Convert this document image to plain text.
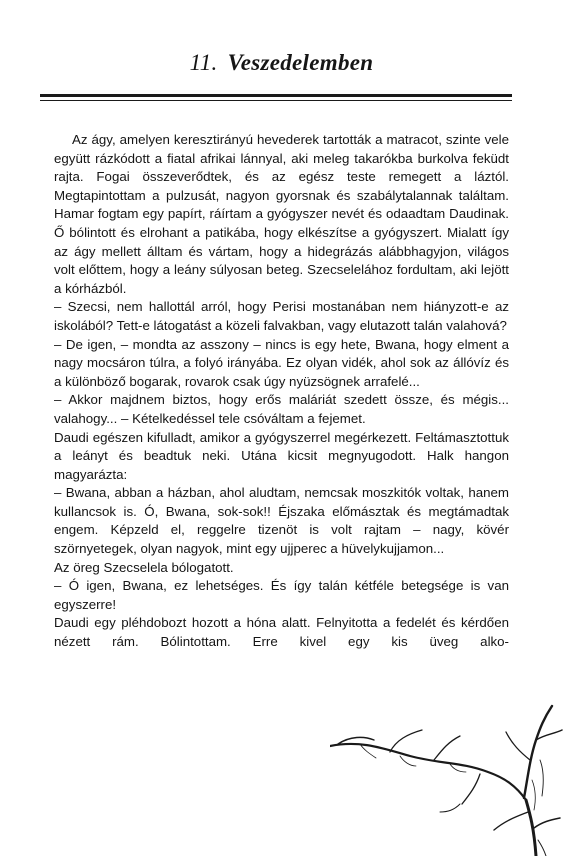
11. Veszedelemben

Az ágy, amelyen keresztirányú hevederek tartották a matracot, szinte vele együtt rázkódott a fiatal afrikai lánnyal, aki meleg takarókba burkolva feküdt rajta. Fogai összeverődtek, és az egész teste remegett a láztól. Megtapintottam a pulzusát, nagyon gyorsnak és szabálytalannak találtam. Hamar fogtam egy papírt, ráírtam a gyógyszer nevét és odaadtam Daudinak. Ő bólintott és elrohant a patikába, hogy elkészítse a gyógyszert. Mialatt így az ágy mellett álltam és vártam, hogy a hidegrázás alábbhagyjon, világos volt előttem, hogy a leány súlyosan beteg. Szecselelához fordultam, aki lejött a kórházból.

– Szecsi, nem hallottál arról, hogy Perisi mostanában nem hiányzott-e az iskolából? Tett-e látogatást a közeli falvakban, vagy elutazott talán valahová?

– De igen, – mondta az asszony – nincs is egy hete, Bwana, hogy elment a nagy mocsáron túlra, a folyó irányába. Ez olyan vidék, ahol sok az állóvíz és a különböző bogarak, rovarok csak úgy nyüzsögnek arrafelé...

– Akkor majdnem biztos, hogy erős maláriát szedett össze, és mégis... valahogy... – Kételkedéssel tele csóváltam a fejemet.

Daudi egészen kifulladt, amikor a gyógyszerrel megérkezett. Feltámasztottuk a leányt és beadtuk neki. Utána kicsit megnyugodott. Halk hangon magyarázta:

– Bwana, abban a házban, ahol aludtam, nemcsak moszkitók voltak, hanem kullancsok is. Ó, Bwana, sok-sok!! Éjszaka előmásztak és megtámadtak engem. Képzeld el, reggelre tizenöt is volt rajtam – nagy, kövér szörnyetegek, olyan nagyok, mint egy ujjperec a hüvelykujjamon...

Az öreg Szecselela bólogatott.

– Ó igen, Bwana, ez lehetséges. És így talán kétféle betegsége is van egyszerre!

Daudi egy pléhdobozt hozott a hóna alatt. Felnyitotta a fedelét és kérdően nézett rám. Bólintottam. Erre kivel egy kis üveg alko-
